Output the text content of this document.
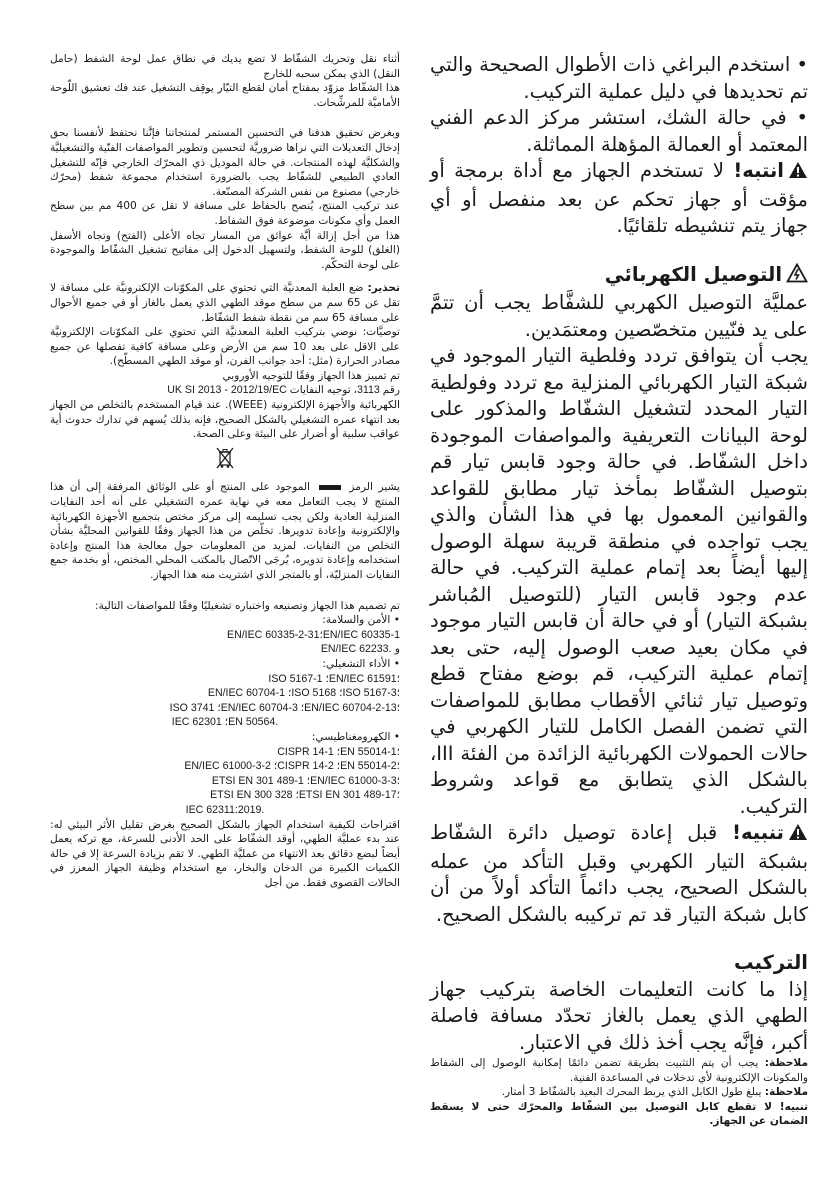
• استخدم البراغي ذات الأطوال الصحيحة والتي تم تحديدها في دليل عملية التركيب.

• في حالة الشك، استشر مركز الدعم الفني المعتمد أو العمالة المؤهلة المماثلة.

انتبه! لا تستخدم الجهاز مع أداة برمجة أو مؤقت أو جهاز تحكم عن بعد منفصل أو أي جهاز يتم تنشيطه تلقائيًا.

التوصيل الكهربائي

عمليَّة التوصيل الكهربي للشفَّاط يجب أن تتمَّ على يد فنّيين متخصّصين ومعتمَدين.

يجب أن يتوافق تردد وفلطية التيار الموجود في شبكة التيار الكهربائي المنزلية مع تردد وفولطية التيار المحدد لتشغيل الشفّاط والمذكور على لوحة البيانات التعريفية والمواصفات الموجودة داخل الشفّاط. في حالة وجود قابس تيار قم بتوصيل الشفّاط بمأخذ تيار مطابق للقواعد والقوانين المعمول بها في هذا الشأن والذي يجب تواجده في منطقة قريبة سهلة الوصول إليها أيضاً بعد إتمام عملية التركيب. في حالة عدم وجود قابس التيار (للتوصيل المُباشر بشبكة التيار) أو في حالة أن قابس التيار موجود في مكان بعيد صعب الوصول إليه، حتى بعد إتمام عملية التركيب، قم بوضع مفتاح قطع وتوصيل تيار ثنائي الأقطاب مطابق للمواصفات التي تضمن الفصل الكامل للتيار الكهربي في حالات الحمولات الكهربائية الزائدة من الفئة III، بالشكل الذي يتطابق مع قواعد وشروط التركيب.

تنبيه! قبل إعادة توصيل دائرة الشفّاط بشبكة التيار الكهربي وقبل التأكد من عمله بالشكل الصحيح، يجب دائماً التأكد أولاً من أن كابل شبكة التيار قد تم تركيبه بالشكل الصحيح.

التركيب

إذا ما كانت التعليمات الخاصة بتركيب جهاز الطهي الذي يعمل بالغاز تحدّد مسافة فاصلة أكبر، فإنَّه يجب أخذ ذلك في الاعتبار.

ملاحظة: يجب أن يتم التثبيت بطريقة تضمن دائمًا إمكانية الوصول إلى الشفاط والمكونات الإلكترونية لأي تدخلات في المساعدة الفنية.

ملاحظة: يبلغ طول الكابل الذي يربط المحرك البعيد بالشفّاط 3 أمتار.

تنبيه! لا تقطع كابل التوصيل بين الشفّاط والمحرّك حتى لا يسقط الضمان عن الجهاز.

أثناء نقل وتحريك الشفّاط لا تضع يديك في نطاق عمل لوحة الشفط (حامل النقل) الذي يمكن سحبه للخارج

هذا الشفّاط مزوّد بمفتاح أمان لقطع التيّار يوقِف التشغيل عند فك تعشيق اللّوحة الأماميَّة للمرشِّحات.

وبغرض تحقيق هدفنا في التحسين المستمر لمنتجاتنا فإنَّنا نحتفظ لأنفسنا بحق إدخال التعديلات التي نراها ضروريَّة لتحسين وتطوير المواصفات الفنّية والتشغيليَّة والشكليَّة لهذه المنتجات. في حالة الموديل ذي المحرّك الخارجي فإنّه للتشغيل العادي الطبيعي للشفّاط يجب بالضرورة استخدام مجموعة شفط (محرّك خارجي) مصنوع من نفس الشركة المصنّعة.

عند تركيب المنتج، يُنصح بالحفاظ على مسافة لا تقل عن 400 مم بين سطح العمل وأي مكونات موضوعة فوق الشفاط.

هذا من أجل إزالة أيَّة عوائق من المسار تجاه الأعلى (الفتح) وتجاه الأسفل (الغلق) للوحة الشفط، ولتسهيل الدخول إلى مفاتيح تشغيل الشفّاط والموجودة على لوحة التحكّم.

تحذير: ضع العلبة المعدنيَّة التي تحتوي على المكوّنات الإلكترونيَّة على مسافة لا تقل عن 65 سم من سطح موقد الطهي الذي يعمل بالغاز أو في جميع الأحوال على مسافة 65 سم من نقطة شفط الشفّاط.

توصيَّات: نوصي بتركيب العلبة المعدنيَّة التي تحتوي على المكوّنات الإلكترونيَّة على الاقل على بعد 10 سم من الأرض وعلى مسافة كافية تفصلها عن جميع مصادر الحرارة (مثل: أحد جوانب الفرن، أو موقد الطهي المسطّح).

تم تمييز هذا الجهاز وفقًا للتوجيه الأوروبي

UK SI 2013 - 2012/19/EC رقم 3113، توجيه النفايات

الكهربائية والأجهزة الإلكترونية (WEEE). عند قيام المستخدم بالتخلص من الجهاز بعد انتهاء عمره التشغيلي بالشكل الصحيح، فإنه بذلك يُسهم في تدارك حدوث أية عواقب سلبية أو أضرار على البيئة وعلى الصحة.

يشير الرمز  الموجود على المنتج أو على الوثائق المرفقة إلى أن هذا المنتج لا يجب التعامل معه في نهاية عمره التشغيلي على أنه أحد النفايات المنزلية العادية ولكن يجب تسليمه إلى مركز مختص بتجميع الأجهزة الكهربائية والإلكترونية وإعادة تدويرها. تخلّص من هذا الجهاز وفقًا للقوانين المحليَّة بشأن التخلص من النفايات. لمزيد من المعلومات حول معالجة هذا المنتج وإعادة استخدامه وإعادة تدويره، يُرجَى الاتّصال بالمكتب المحلي المختص، أو بخدمة جمع النفايات المنزليّة، أو بالمتجر الذي اشتريت منه هذا الجهاز.

تم تصميم هذا الجهاز وتصنيعه واختباره تشغيليًا وفقًا للمواصفات التالية:

• الأمن والسلامة:

EN/IEC 60335-2-31؛EN/IEC 60335-1

و EN/IEC 62233.

• الأداء التشغيلي:

ISO 5167-1 ؛EN/IEC 61591؛

EN/IEC 60704-1 ؛ISO 5168 ؛ISO 5167-3؛

ISO 3741 ؛EN/IEC 60704-3 ؛EN/IEC 60704-2-13؛

IEC 62301 ؛EN 50564.

• الكهرومغناطيسي:

CISPR 14-1 ؛EN 55014-1؛

EN/IEC 61000-3-2 ؛CISPR 14-2 ؛EN 55014-2؛

ETSI EN 301 489-1 ؛EN/IEC 61000-3-3؛

ETSI EN 300 328 ؛ETSI EN 301 489-17؛

IEC 62311:2019.

اقتراحات لكيفية استخدام الجهاز بالشكل الصحيح بغرض تقليل الأثر البيئي له: عند بدء عمليَّة الطهي، أوقد الشفّاط على الحد الأدنى للسرعة، مع تركه يعمل أيضاً لبضع دقائق بعد الانتهاء من عمليَّة الطهي. لا تقم بزيادة السرعة إلا في حالة الكميات الكبيرة من الدخان والبخار، مع استخدام وظيفة الجهاز المعزز في الحالات القصوى فقط. من أجل
